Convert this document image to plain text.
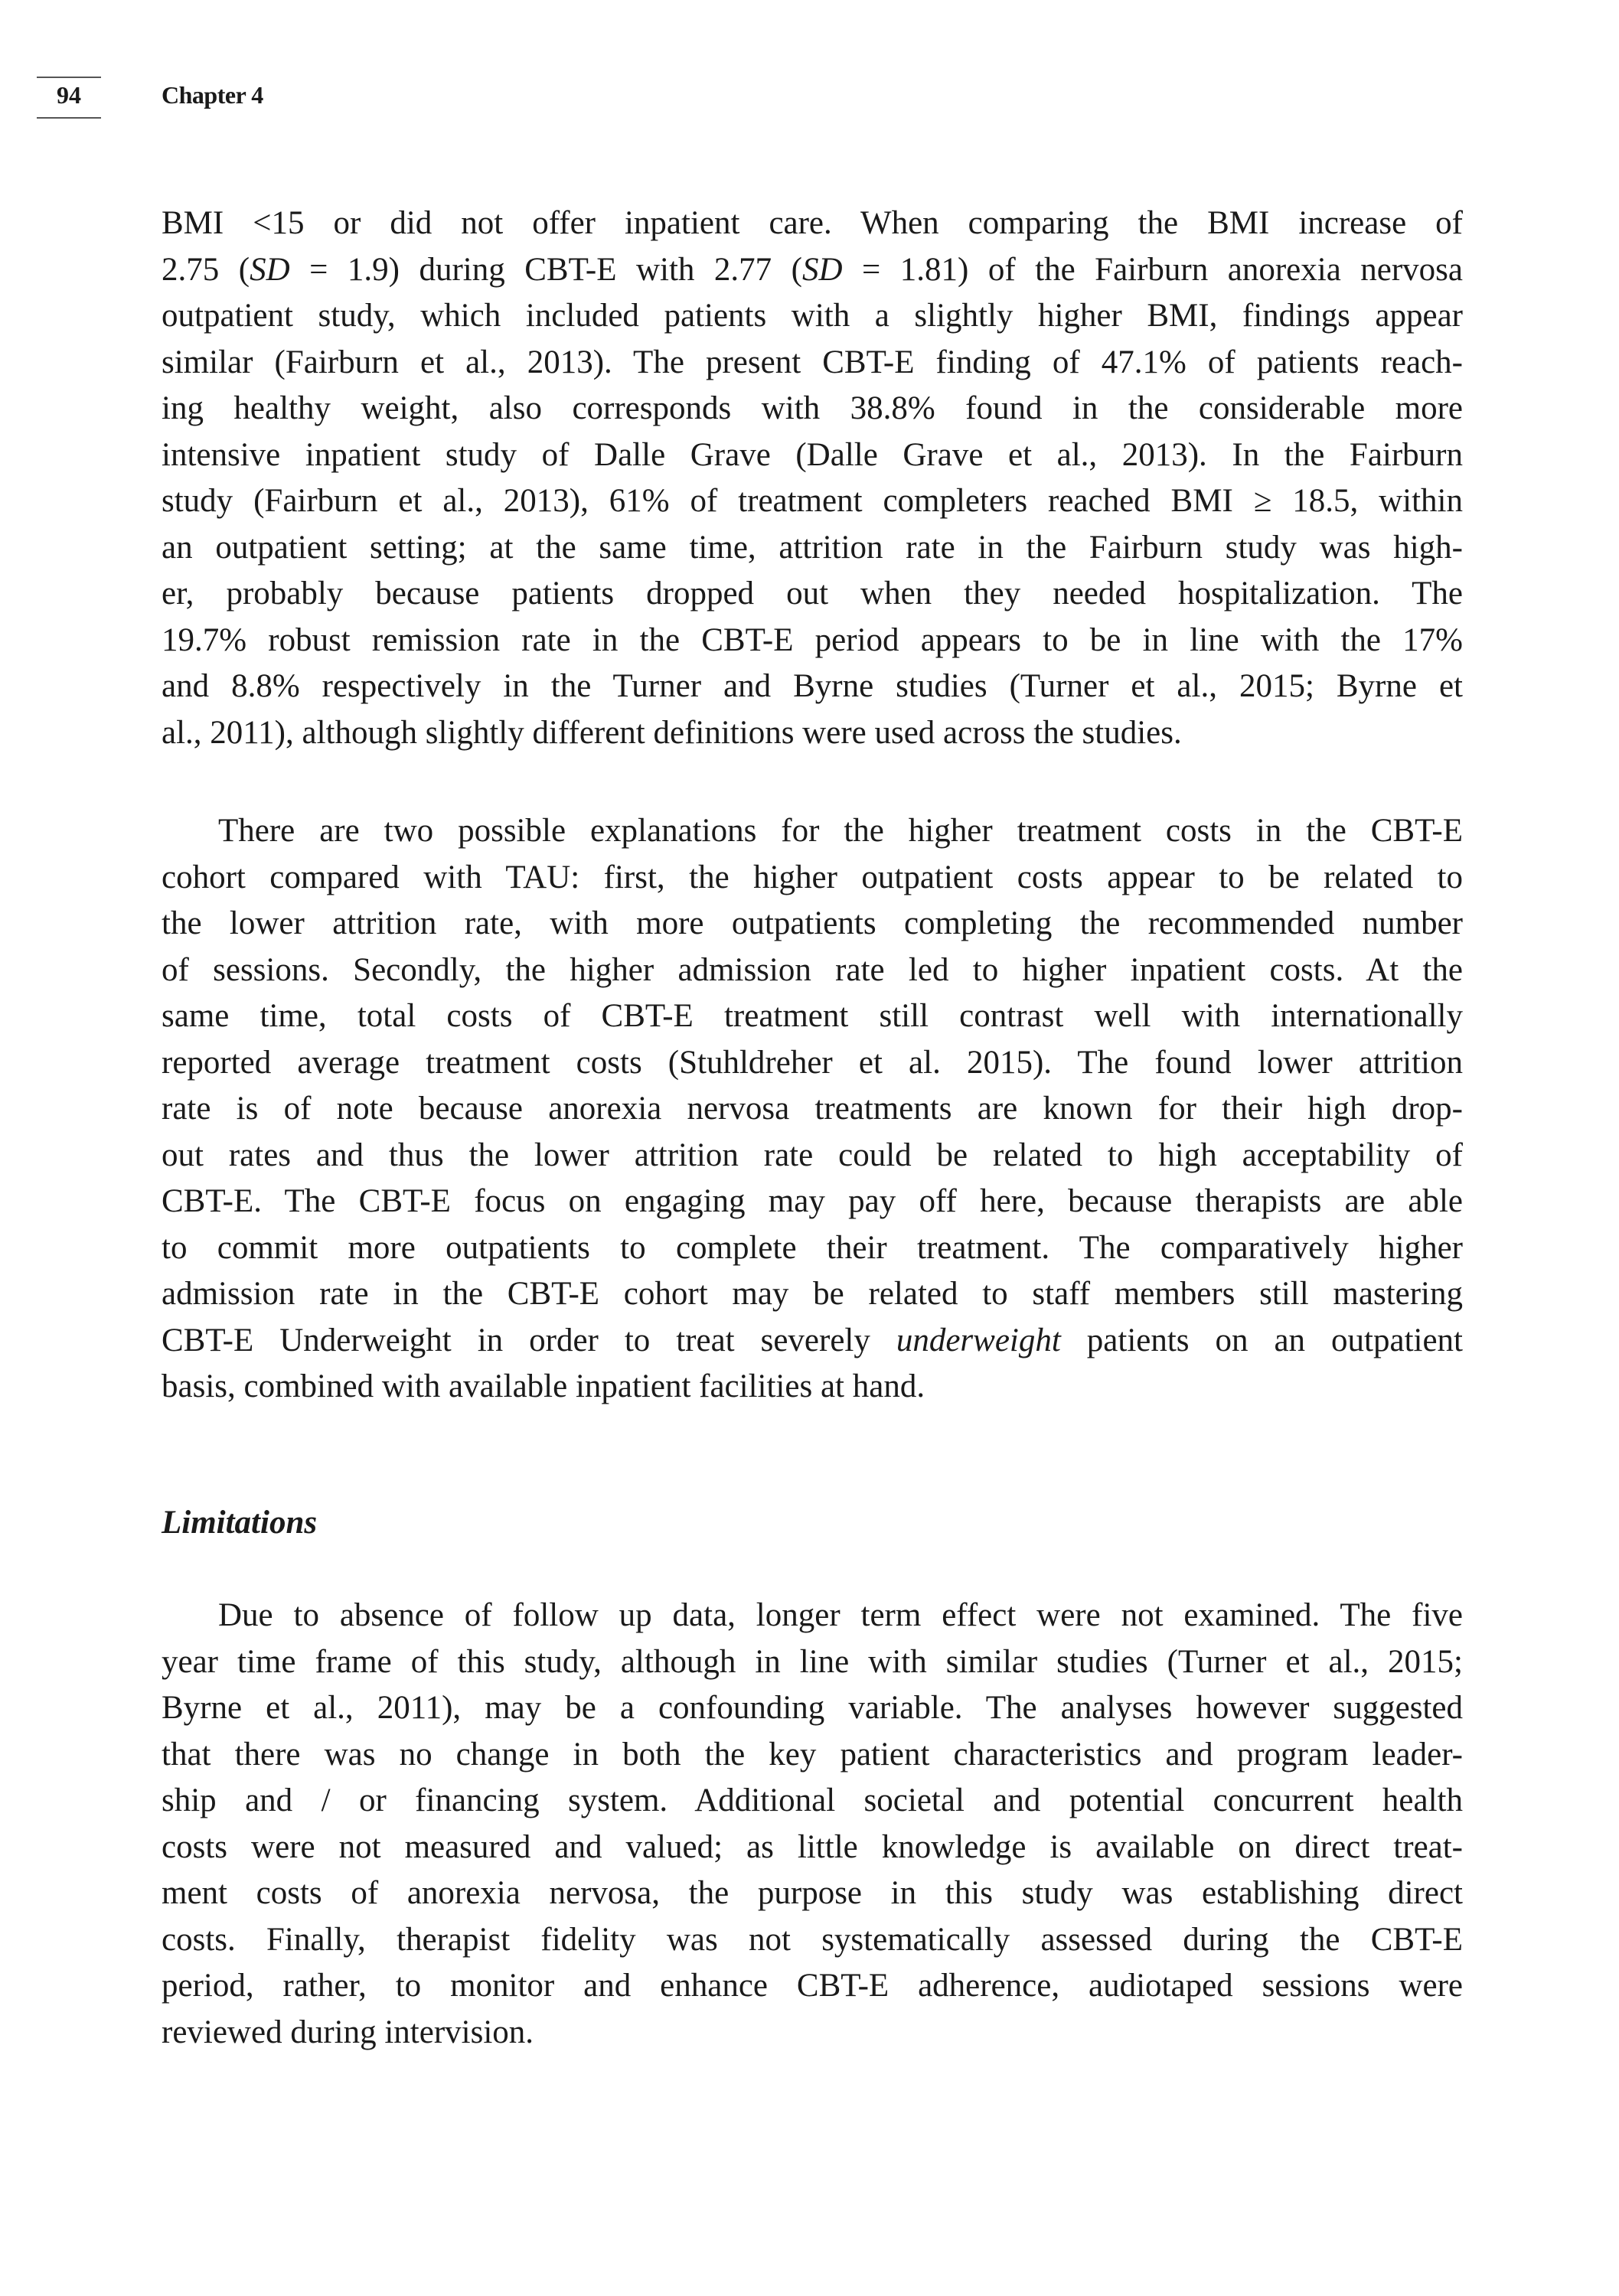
94	Chapter 4
BMI <15 or did not offer inpatient care. When comparing the BMI increase of
2.75 (SD = 1.9) during CBT-E with 2.77 (SD = 1.81) of the Fairburn anorexia nervosa
outpatient study, which included patients with a slightly higher BMI, findings appear
similar (Fairburn et al., 2013). The present CBT-E finding of 47.1% of patients reach-
ing healthy weight, also corresponds with 38.8% found in the considerable more
intensive inpatient study of Dalle Grave (Dalle Grave et al., 2013). In the Fairburn
study (Fairburn et al., 2013), 61% of treatment completers reached BMI ≥ 18.5, within
an outpatient setting; at the same time, attrition rate in the Fairburn study was high-
er, probably because patients dropped out when they needed hospitalization. The
19.7% robust remission rate in the CBT-E period appears to be in line with the 17%
and 8.8% respectively in the Turner and Byrne studies (Turner et al., 2015; Byrne et
al., 2011), although slightly different definitions were used across the studies.
There are two possible explanations for the higher treatment costs in the CBT-E
cohort compared with TAU: first, the higher outpatient costs appear to be related to
the lower attrition rate, with more outpatients completing the recommended number
of sessions. Secondly, the higher admission rate led to higher inpatient costs. At the
same time, total costs of CBT-E treatment still contrast well with internationally
reported average treatment costs (Stuhldreher et al. 2015). The found lower attrition
rate is of note because anorexia nervosa treatments are known for their high drop-
out rates and thus the lower attrition rate could be related to high acceptability of
CBT-E. The CBT-E focus on engaging may pay off here, because therapists are able
to commit more outpatients to complete their treatment. The comparatively higher
admission rate in the CBT-E cohort may be related to staff members still mastering
CBT-E Underweight in order to treat severely underweight patients on an outpatient
basis, combined with available inpatient facilities at hand.
Limitations
Due to absence of follow up data, longer term effect were not examined. The five
year time frame of this study, although in line with similar studies (Turner et al., 2015;
Byrne et al., 2011), may be a confounding variable. The analyses however suggested
that there was no change in both the key patient characteristics and program leader-
ship and / or financing system. Additional societal and potential concurrent health
costs were not measured and valued; as little knowledge is available on direct treat-
ment costs of anorexia nervosa, the purpose in this study was establishing direct
costs. Finally, therapist fidelity was not systematically assessed during the CBT-E
period, rather, to monitor and enhance CBT-E adherence, audiotaped sessions were
reviewed during intervision.
